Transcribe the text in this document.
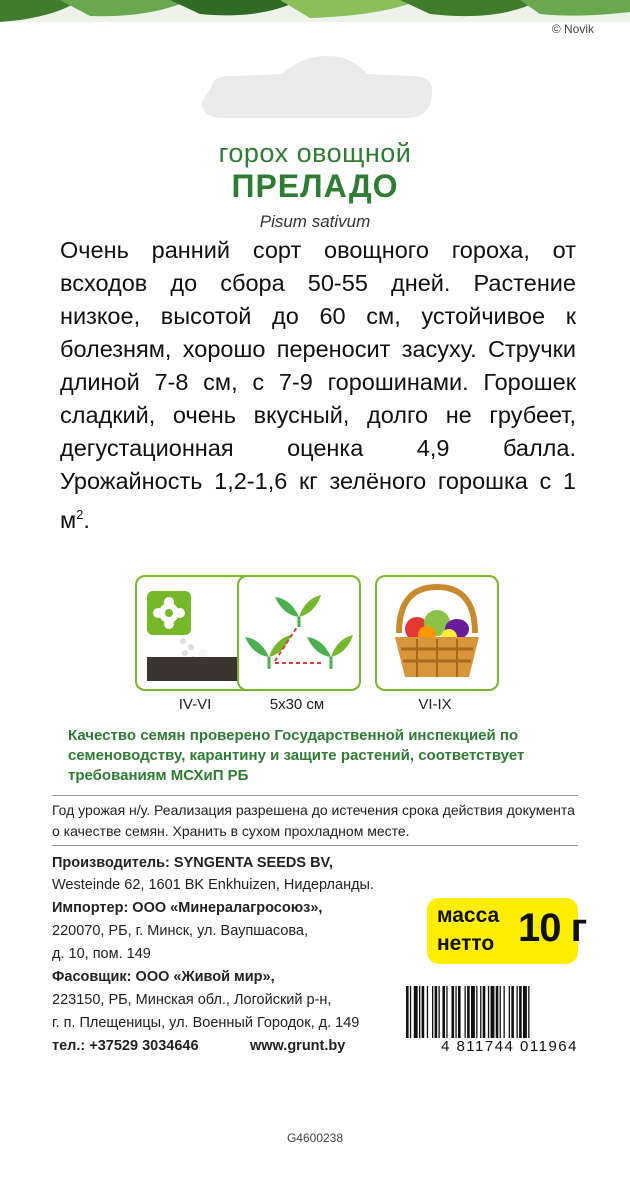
© Novik
горох овощной
ПРЕЛАДО
Pisum sativum
Очень ранний сорт овощного гороха, от всходов до сбора 50-55 дней. Растение низкое, высотой до 60 см, устойчивое к болезням, хорошо переносит засуху. Стручки длиной 7-8 см, с 7-9 горошинами. Горошек сладкий, очень вкусный, долго не грубеет, дегустационная оценка 4,9 балла. Урожайность 1,2-1,6 кг зелёного горошка с 1 $м^2$.
IV-VI	5х30 см	VI-IX
Качество семян проверено Государственной инспекцией по семеноводству, карантину и защите растений, соответствует требованиям МСХиП РБ
Год урожая н/у. Реализация разрешена до истечения срока действия документа о качестве семян. Хранить в сухом прохладном месте.
Производитель: SYNGENTA SEEDS BV,
Westeinde 62, 1601 BK Enkhuizen, Нидерланды.
Импортер: ООО «Минералагросоюз»,
220070, РБ, г. Минск, ул. Ваупшасова,
д. 10, пом. 149
Фасовщик: ООО «Живой мир»,
223150, РБ, Минская обл., Логойский р-н,
г. п. Плещеницы, ул. Военный Городок, д. 149
тел.: +37529 3034646	www.grunt.by
масса
нетто 10 г
4 811744 011964
G4600238
